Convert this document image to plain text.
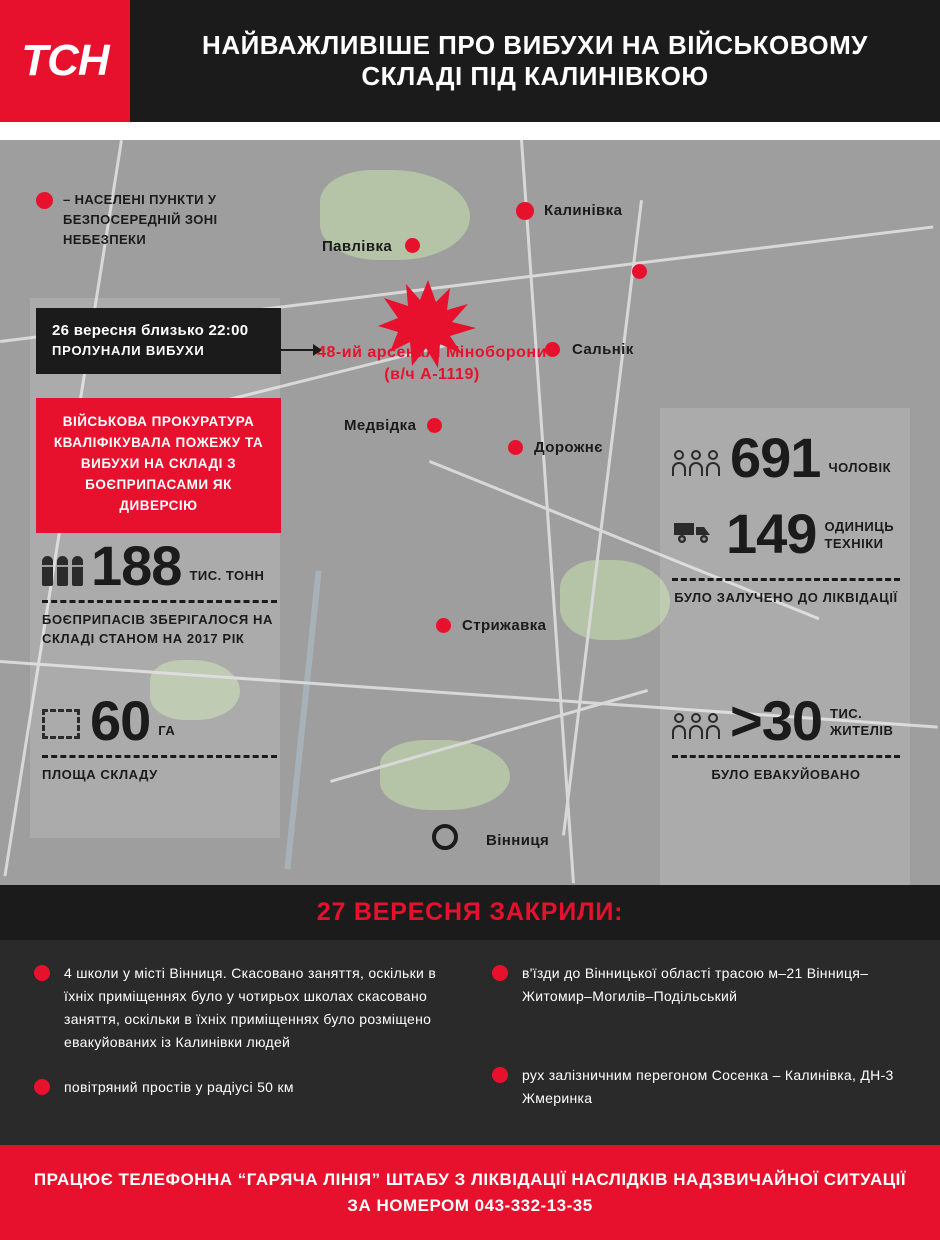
ТСН	НАЙВАЖЛИВІШЕ ПРО ВИБУХИ НА ВІЙСЬКОВОМУ СКЛАДІ ПІД КАЛИНІВКОЮ
– НАСЕЛЕНІ ПУНКТИ У БЕЗПОСЕРЕДНІЙ ЗОНІ НЕБЕЗПЕКИ
Калинівка
Павлівка
Сальнік
Медвідка
Дорожнє
Стрижавка
Вінниця
48-ий арсеналі Міноборони (в/ч А-1119)
26 вересня близько 22:00
ПРОЛУНАЛИ ВИБУХИ
ВІЙСЬКОВА ПРОКУРАТУРА КВАЛІФІКУВАЛА ПОЖЕЖУ ТА ВИБУХИ НА СКЛАДІ З БОЄПРИПАСАМИ ЯК ДИВЕРСІЮ
188 ТИС. ТОНН
БОЄПРИПАСІВ ЗБЕРІГАЛОСЯ НА СКЛАДІ СТАНОМ НА 2017 РІК
60 ГА
ПЛОЩА СКЛАДУ
691 ЧОЛОВІК
149 ОДИНИЦЬ ТЕХНІКИ
БУЛО ЗАЛУЧЕНО ДО ЛІКВІДАЦІЇ
>30 ТИС. ЖИТЕЛІВ
БУЛО ЕВАКУЙОВАНО
27 ВЕРЕСНЯ ЗАКРИЛИ:
4 школи у місті Вінниця. Скасовано заняття, оскільки в їхніх приміщеннях було у чотирьох школах скасовано заняття, оскільки в їхніх приміщеннях було розміщено евакуйованих із Калинівки людей
повітряний простів у радіусі 50 км
в'їзди до Вінницької області трасою м–21 Вінниця–Житомир–Могилів–Подільський
рух залізничним перегоном Сосенка – Калинівка, ДН-3 Жмеринка
ПРАЦЮЄ ТЕЛЕФОННА “ГАРЯЧА ЛІНІЯ” ШТАБУ З ЛІКВІДАЦІЇ НАСЛІДКІВ НАДЗВИЧАЙНОЇ СИТУАЦІЇ ЗА НОМЕРОМ 043-332-13-35
